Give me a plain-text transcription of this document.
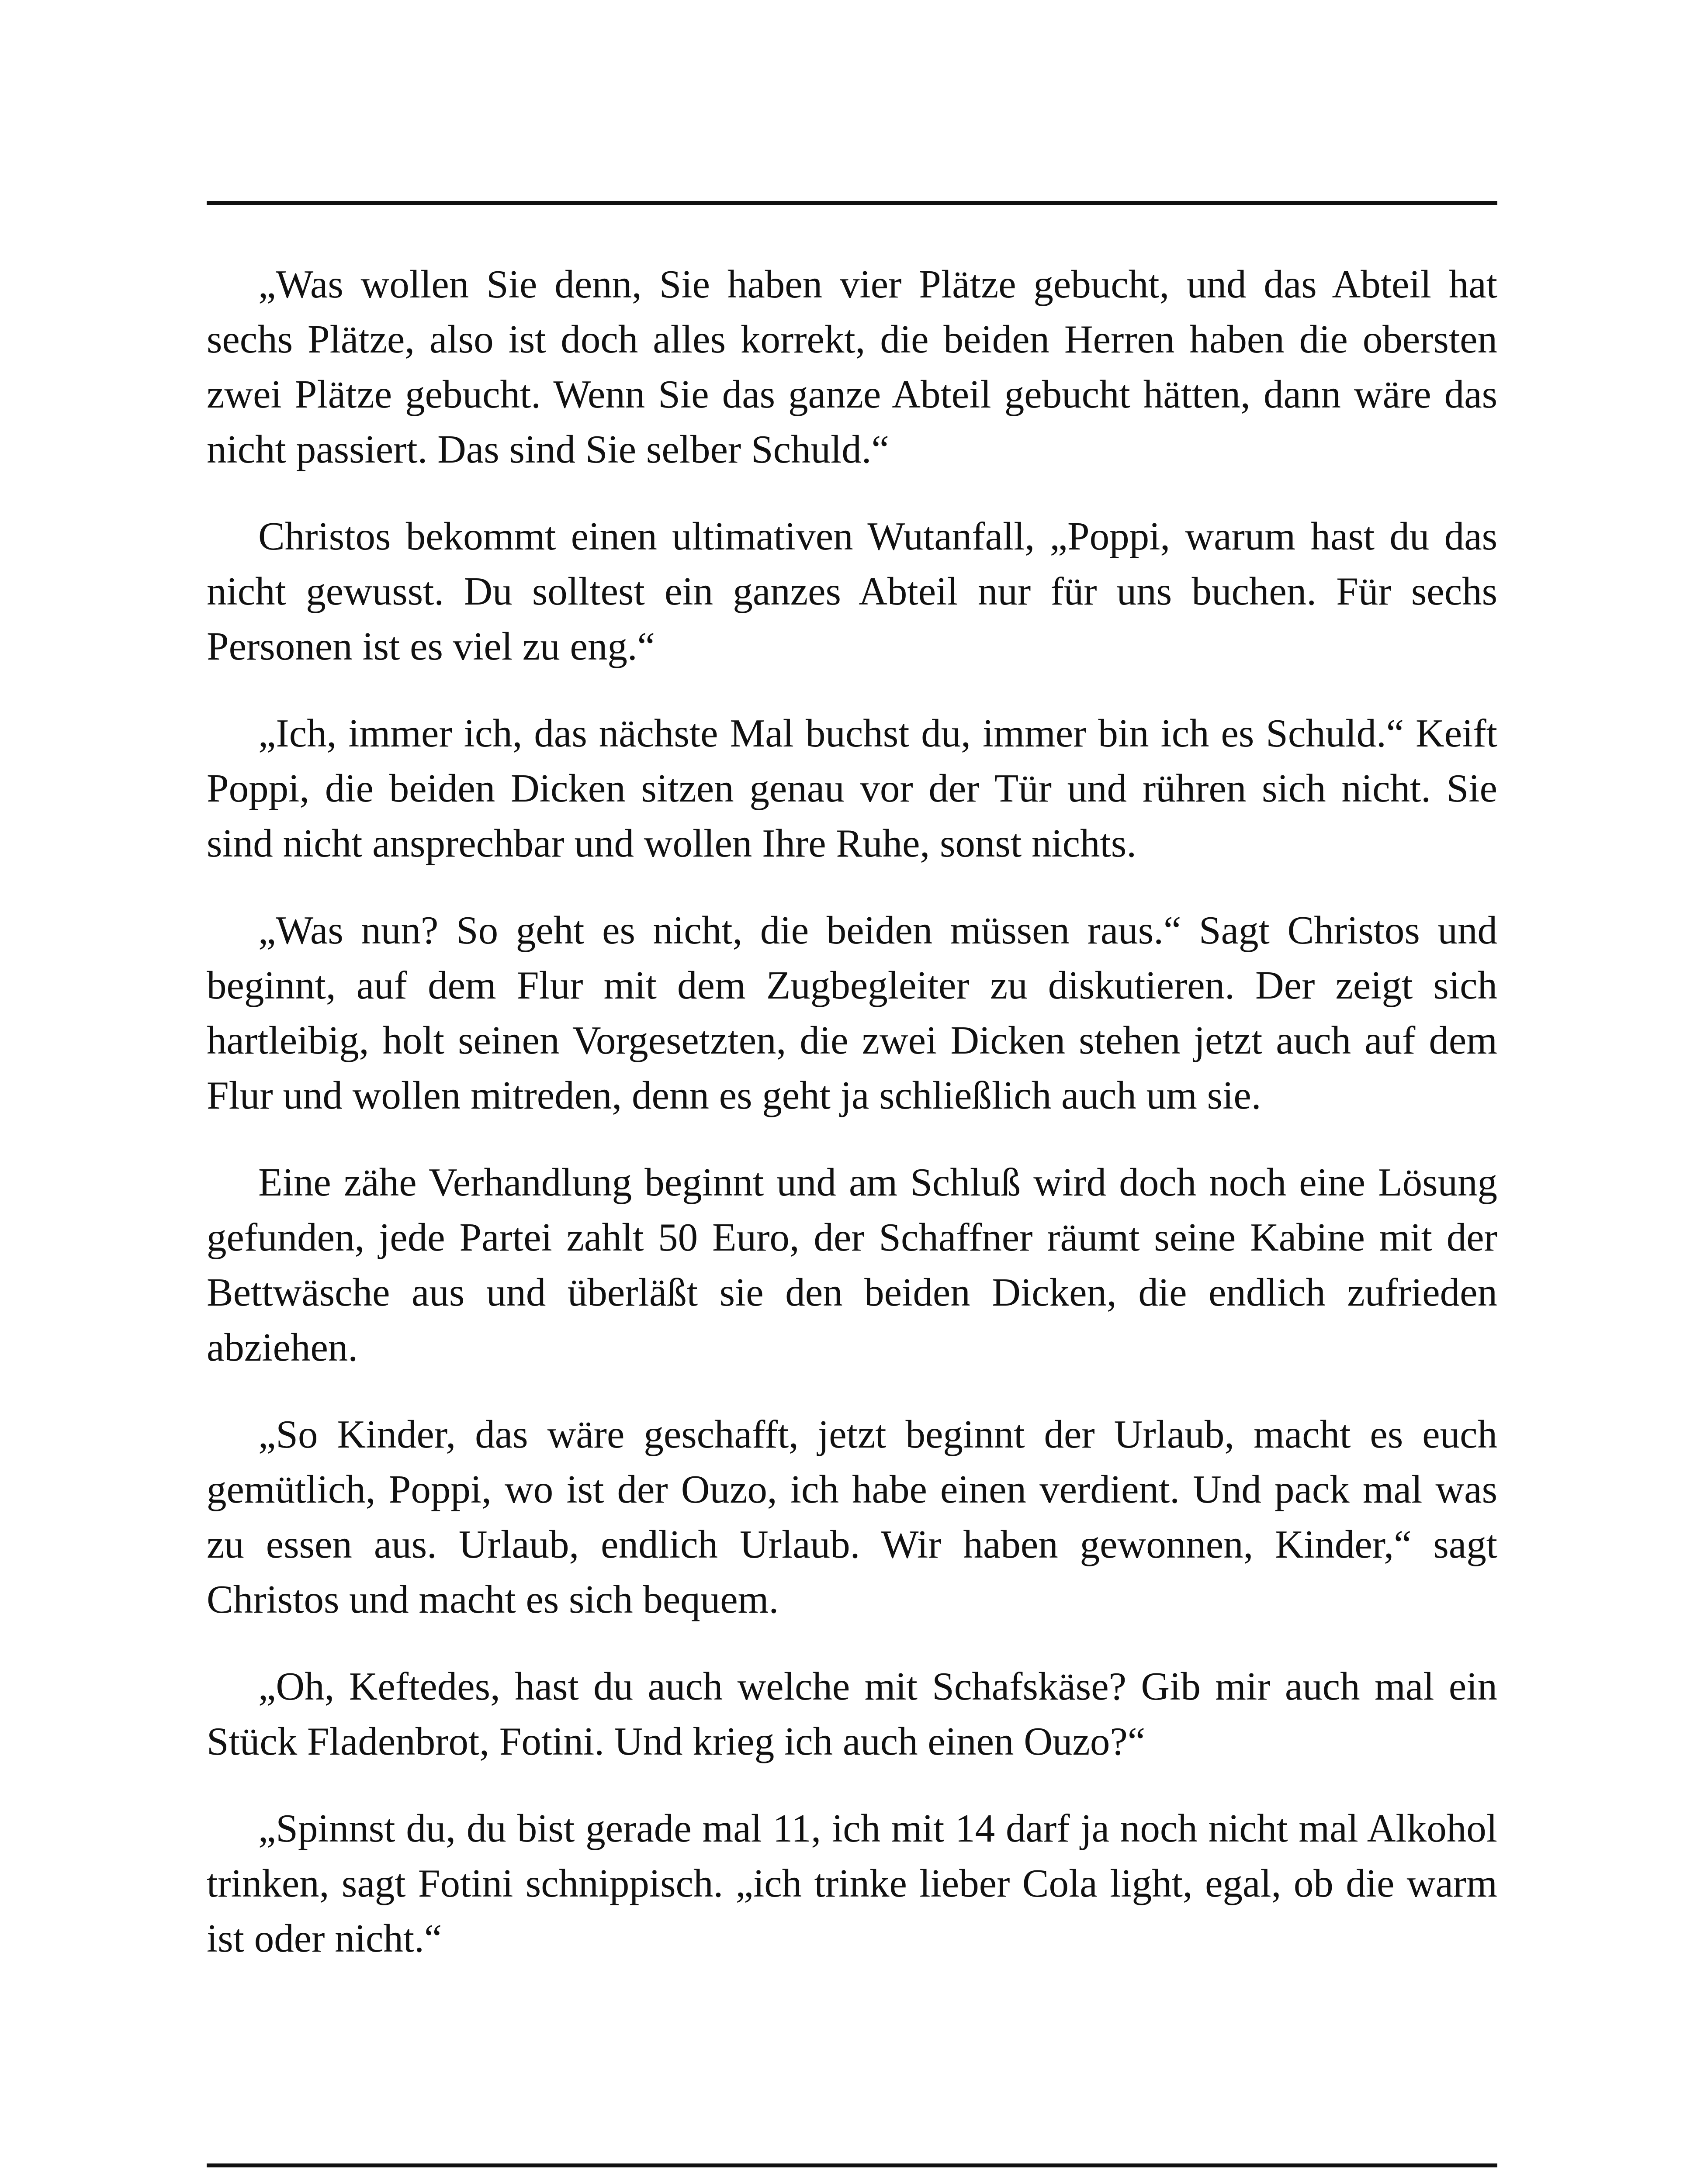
„Was wollen Sie denn, Sie haben vier Plätze gebucht, und das Abteil hat sechs Plätze, also ist doch alles korrekt, die beiden Herren haben die obersten zwei Plätze gebucht. Wenn Sie das ganze Abteil gebucht hätten, dann wäre das nicht passiert. Das sind Sie selber Schuld.“

Christos bekommt einen ultimativen Wutanfall, „Poppi, warum hast du das nicht gewusst. Du solltest ein ganzes Abteil nur für uns buchen. Für sechs Personen ist es viel zu eng.“

„Ich, immer ich, das nächste Mal buchst du, immer bin ich es Schuld.“ Keift Poppi, die beiden Dicken sitzen genau vor der Tür und rühren sich nicht. Sie sind nicht ansprechbar und wollen Ihre Ruhe, sonst nichts.

„Was nun? So geht es nicht, die beiden müssen raus.“ Sagt Christos und beginnt, auf dem Flur mit dem Zugbegleiter zu diskutieren. Der zeigt sich hartleibig, holt seinen Vorgesetzten, die zwei Dicken stehen jetzt auch auf dem Flur und wollen mitreden, denn es geht ja schließlich auch um sie.

Eine zähe Verhandlung beginnt und am Schluß wird doch noch eine Lösung gefunden, jede Partei zahlt 50 Euro, der Schaffner räumt seine Kabine mit der Bettwäsche aus und überläßt sie den beiden Dicken, die endlich zufrieden abziehen.

„So Kinder, das wäre geschafft, jetzt beginnt der Urlaub, macht es euch gemütlich, Poppi, wo ist der Ouzo, ich habe einen verdient. Und pack mal was zu essen aus. Urlaub, endlich Urlaub. Wir haben gewonnen, Kinder,“ sagt Christos und macht es sich bequem.

„Oh, Keftedes, hast du auch welche mit Schafskäse? Gib mir auch mal ein Stück Fladenbrot, Fotini. Und krieg ich auch einen Ouzo?“

„Spinnst du, du bist gerade mal 11, ich mit 14 darf ja noch nicht mal Alkohol trinken, sagt Fotini schnippisch. „ich trinke lieber Cola light, egal, ob die warm ist oder nicht.“
